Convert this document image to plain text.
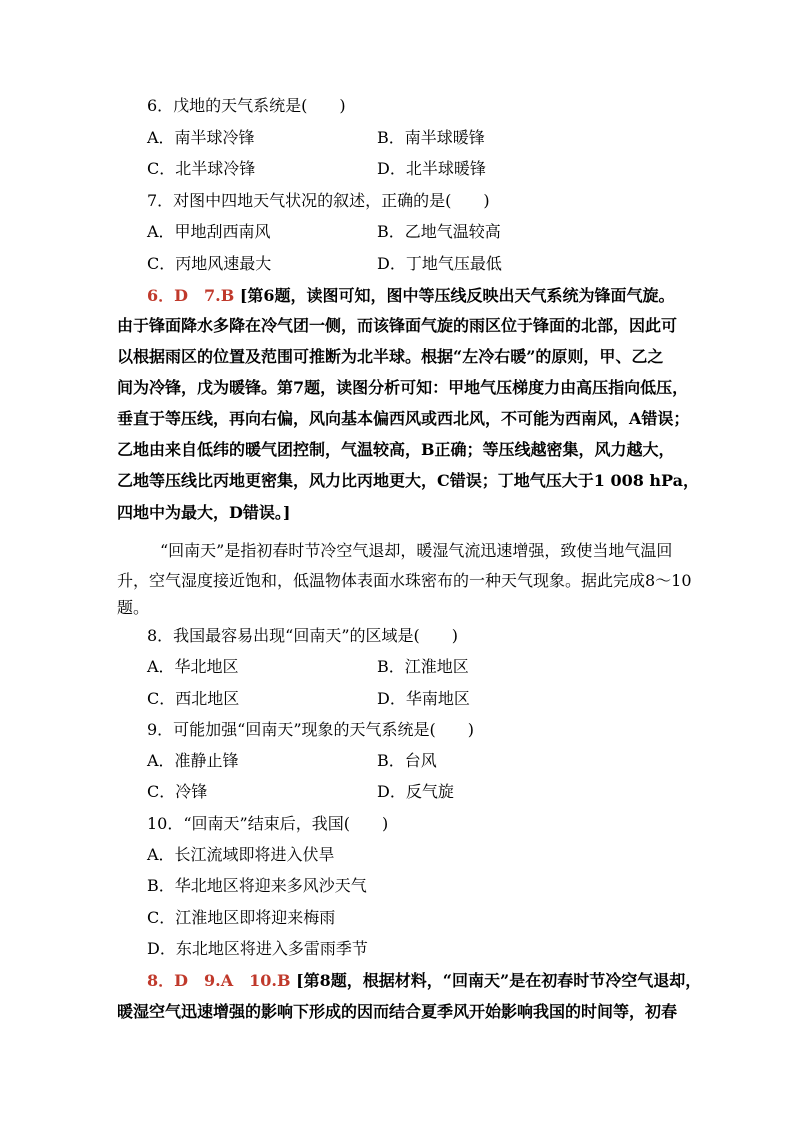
6．戊地的天气系统是(　　)
A．南半球冷锋	B．南半球暖锋
C．北半球冷锋	D．北半球暖锋
7．对图中四地天气状况的叙述，正确的是(　　)
A．甲地刮西南风	B．乙地气温较高
C．丙地风速最大	D．丁地气压最低
6．D　7.B [第6题，读图可知，图中等压线反映出天气系统为锋面气旋。
由于锋面降水多降在冷气团一侧，而该锋面气旋的雨区位于锋面的北部，因此可
以根据雨区的位置及范围可推断为北半球。根据“左冷右暖”的原则，甲、乙之
间为冷锋，戊为暖锋。第7题，读图分析可知：甲地气压梯度力由高压指向低压，
垂直于等压线，再向右偏，风向基本偏西风或西北风，不可能为西南风，A错误；
乙地由来自低纬的暖气团控制，气温较高，B正确；等压线越密集，风力越大，
乙地等压线比丙地更密集，风力比丙地更大，C错误；丁地气压大于1 008 hPa，
四地中为最大，D错误。]
“回南天”是指初春时节冷空气退却，暖湿气流迅速增强，致使当地气温回
升，空气湿度接近饱和，低温物体表面水珠密布的一种天气现象。据此完成8～10
题。
8．我国最容易出现“回南天”的区域是(　　)
A．华北地区	B．江淮地区
C．西北地区	D．华南地区
9．可能加强“回南天”现象的天气系统是(　　)
A．准静止锋	B．台风
C．冷锋	D．反气旋
10．“回南天”结束后，我国(　　)
A．长江流域即将进入伏旱
B．华北地区将迎来多风沙天气
C．江淮地区即将迎来梅雨
D．东北地区将进入多雷雨季节
8．D　9.A　10.B [第8题，根据材料，“回南天”是在初春时节冷空气退却，
暖湿空气迅速增强的影响下形成的因而结合夏季风开始影响我国的时间等，初春
